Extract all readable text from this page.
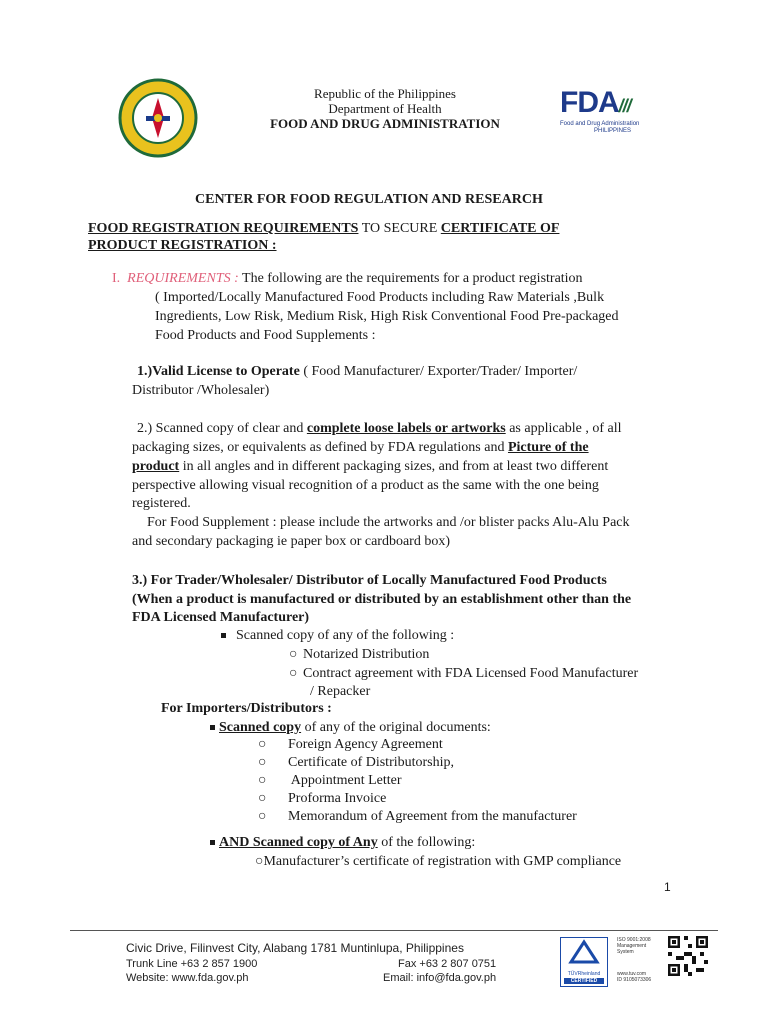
Republic of the Philippines
Department of Health
FOOD AND DRUG ADMINISTRATION
FDA///
Food and Drug Administration
PHILIPPINES
CENTER FOR FOOD REGULATION AND RESEARCH
FOOD REGISTRATION REQUIREMENTS TO SECURE CERTIFICATE OF
PRODUCT REGISTRATION :
I. REQUIREMENTS : The following are the requirements for a product registration
( Imported/Locally Manufactured Food Products including Raw Materials ,Bulk
Ingredients, Low Risk, Medium Risk, High Risk Conventional Food Pre-packaged
Food Products and Food Supplements :
1.)Valid License to Operate ( Food Manufacturer/ Exporter/Trader/ Importer/
Distributor /Wholesaler)
2.) Scanned copy of clear and complete loose labels or artworks as applicable , of all
packaging sizes, or equivalents as defined by FDA regulations and Picture of the
product in all angles and in different packaging sizes, and from at least two different
perspective allowing visual recognition of a product as the same with the one being
registered.
For Food Supplement : please include the artworks and /or blister packs Alu-Alu Pack
and secondary packaging ie paper box or cardboard box)
3.) For Trader/Wholesaler/ Distributor of Locally Manufactured Food Products
(When a product is manufactured or distributed by an establishment other than the
FDA Licensed Manufacturer)
Scanned copy of any of the following :
○ Notarized Distribution
○ Contract agreement with FDA Licensed Food Manufacturer
/ Repacker
For Importers/Distributors :
Scanned copy of any of the original documents:
○ Foreign Agency Agreement
○ Certificate of Distributorship,
○ Appointment Letter
○ Proforma Invoice
○ Memorandum of Agreement from the manufacturer
AND Scanned copy of Any of the following:
○Manufacturer’s certificate of registration with GMP compliance
1
Civic Drive, Filinvest City, Alabang 1781 Muntinlupa, Philippines
Trunk Line +63 2 857 1900	Fax +63 2 807 0751
Website: www.fda.gov.ph	Email: info@fda.gov.ph	TÜVRheinland
CERTIFIED
ISO 9001:2008
Management
System
www.tuv.com
ID 9105073306
